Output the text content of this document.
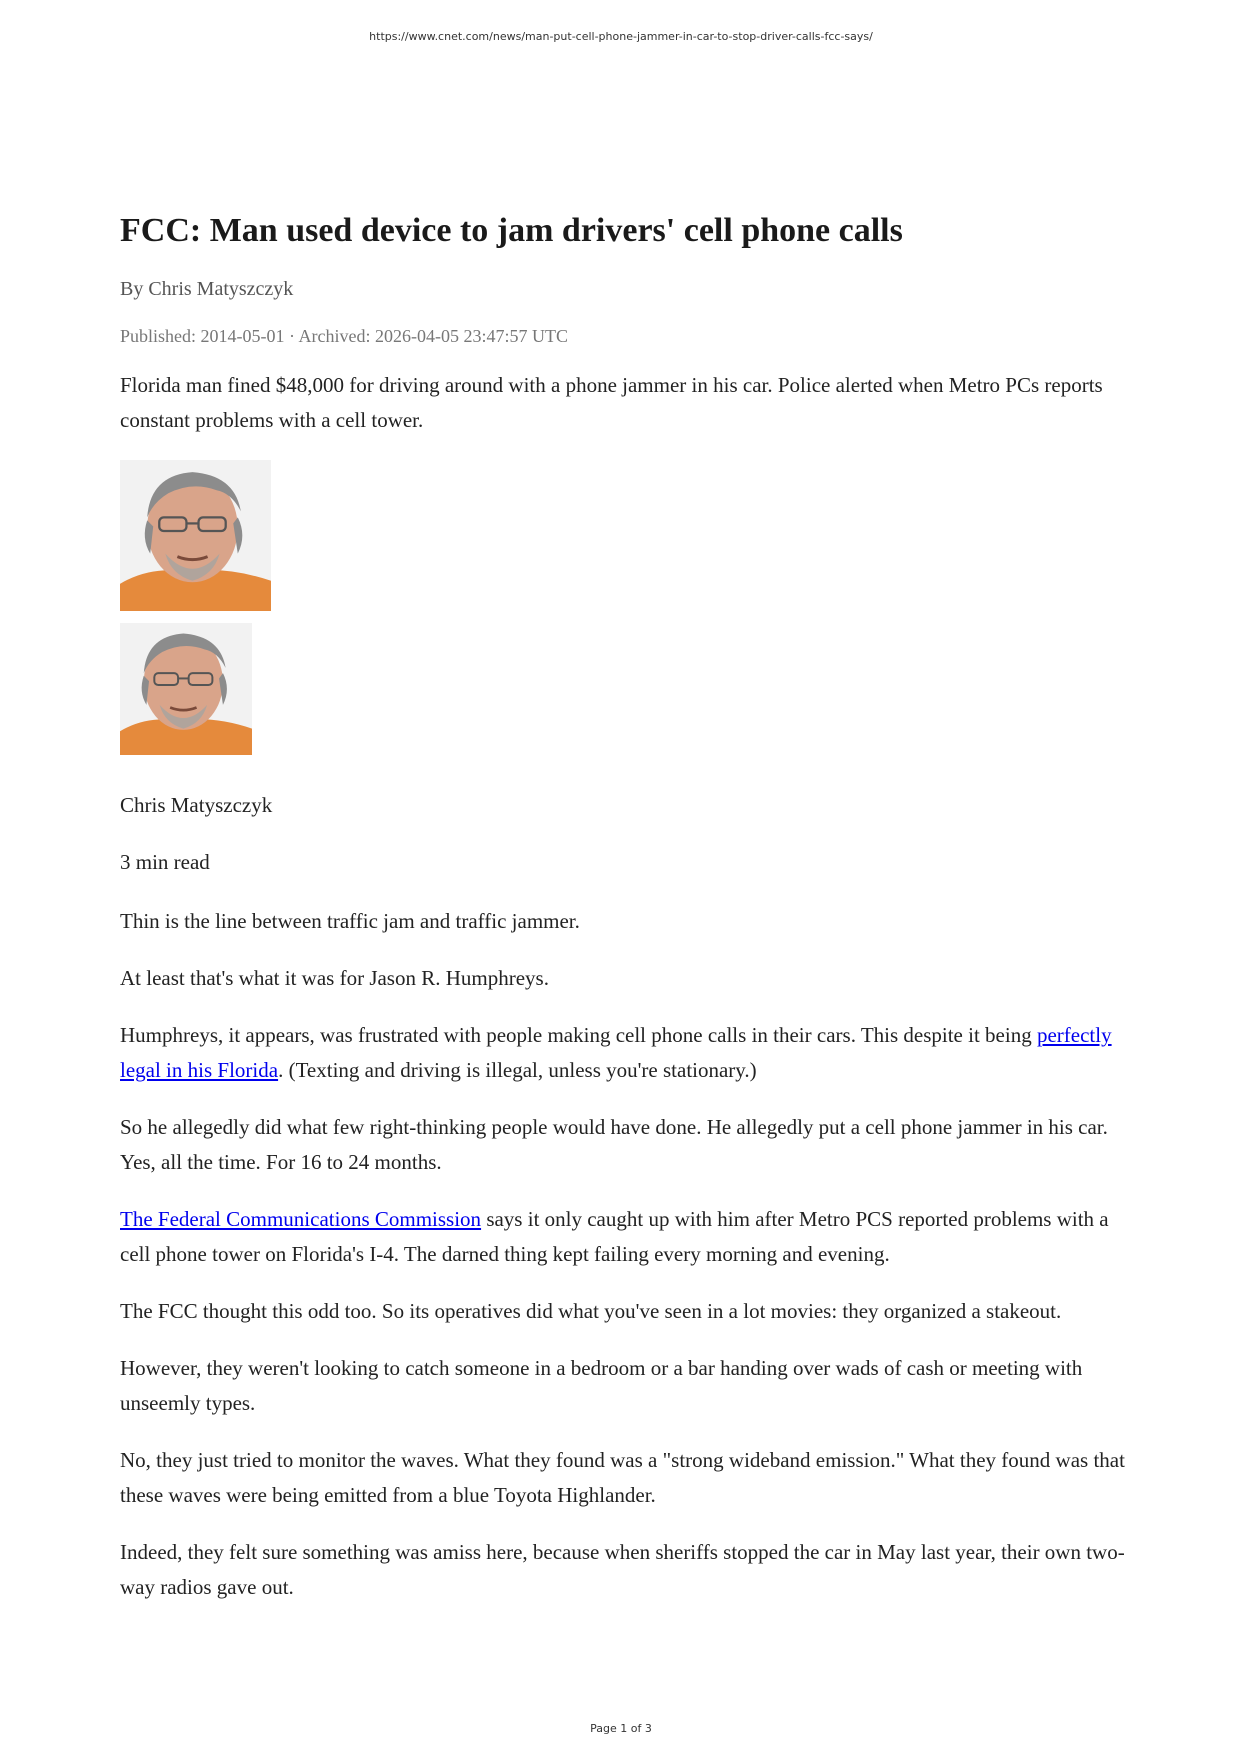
https://www.cnet.com/news/man-put-cell-phone-jammer-in-car-to-stop-driver-calls-fcc-says/
FCC: Man used device to jam drivers' cell phone calls
By Chris Matyszczyk
Published: 2014-05-01 · Archived: 2026-04-05 23:47:57 UTC
Florida man fined $48,000 for driving around with a phone jammer in his car. Police alerted when Metro PCs reports constant problems with a cell tower.
Chris Matyszczyk
3 min read

Thin is the line between traffic jam and traffic jammer.

At least that's what it was for Jason R. Humphreys.

Humphreys, it appears, was frustrated with people making cell phone calls in their cars. This despite it being perfectly legal in his Florida. (Texting and driving is illegal, unless you're stationary.)

So he allegedly did what few right-thinking people would have done. He allegedly put a cell phone jammer in his car. Yes, all the time. For 16 to 24 months.

The Federal Communications Commission says it only caught up with him after Metro PCS reported problems with a cell phone tower on Florida's I-4. The darned thing kept failing every morning and evening.

The FCC thought this odd too. So its operatives did what you've seen in a lot movies: they organized a stakeout.

However, they weren't looking to catch someone in a bedroom or a bar handing over wads of cash or meeting with unseemly types.

No, they just tried to monitor the waves. What they found was a "strong wideband emission." What they found was that these waves were being emitted from a blue Toyota Highlander.

Indeed, they felt sure something was amiss here, because when sheriffs stopped the car in May last year, their own two-way radios gave out.

Page 1 of 3
